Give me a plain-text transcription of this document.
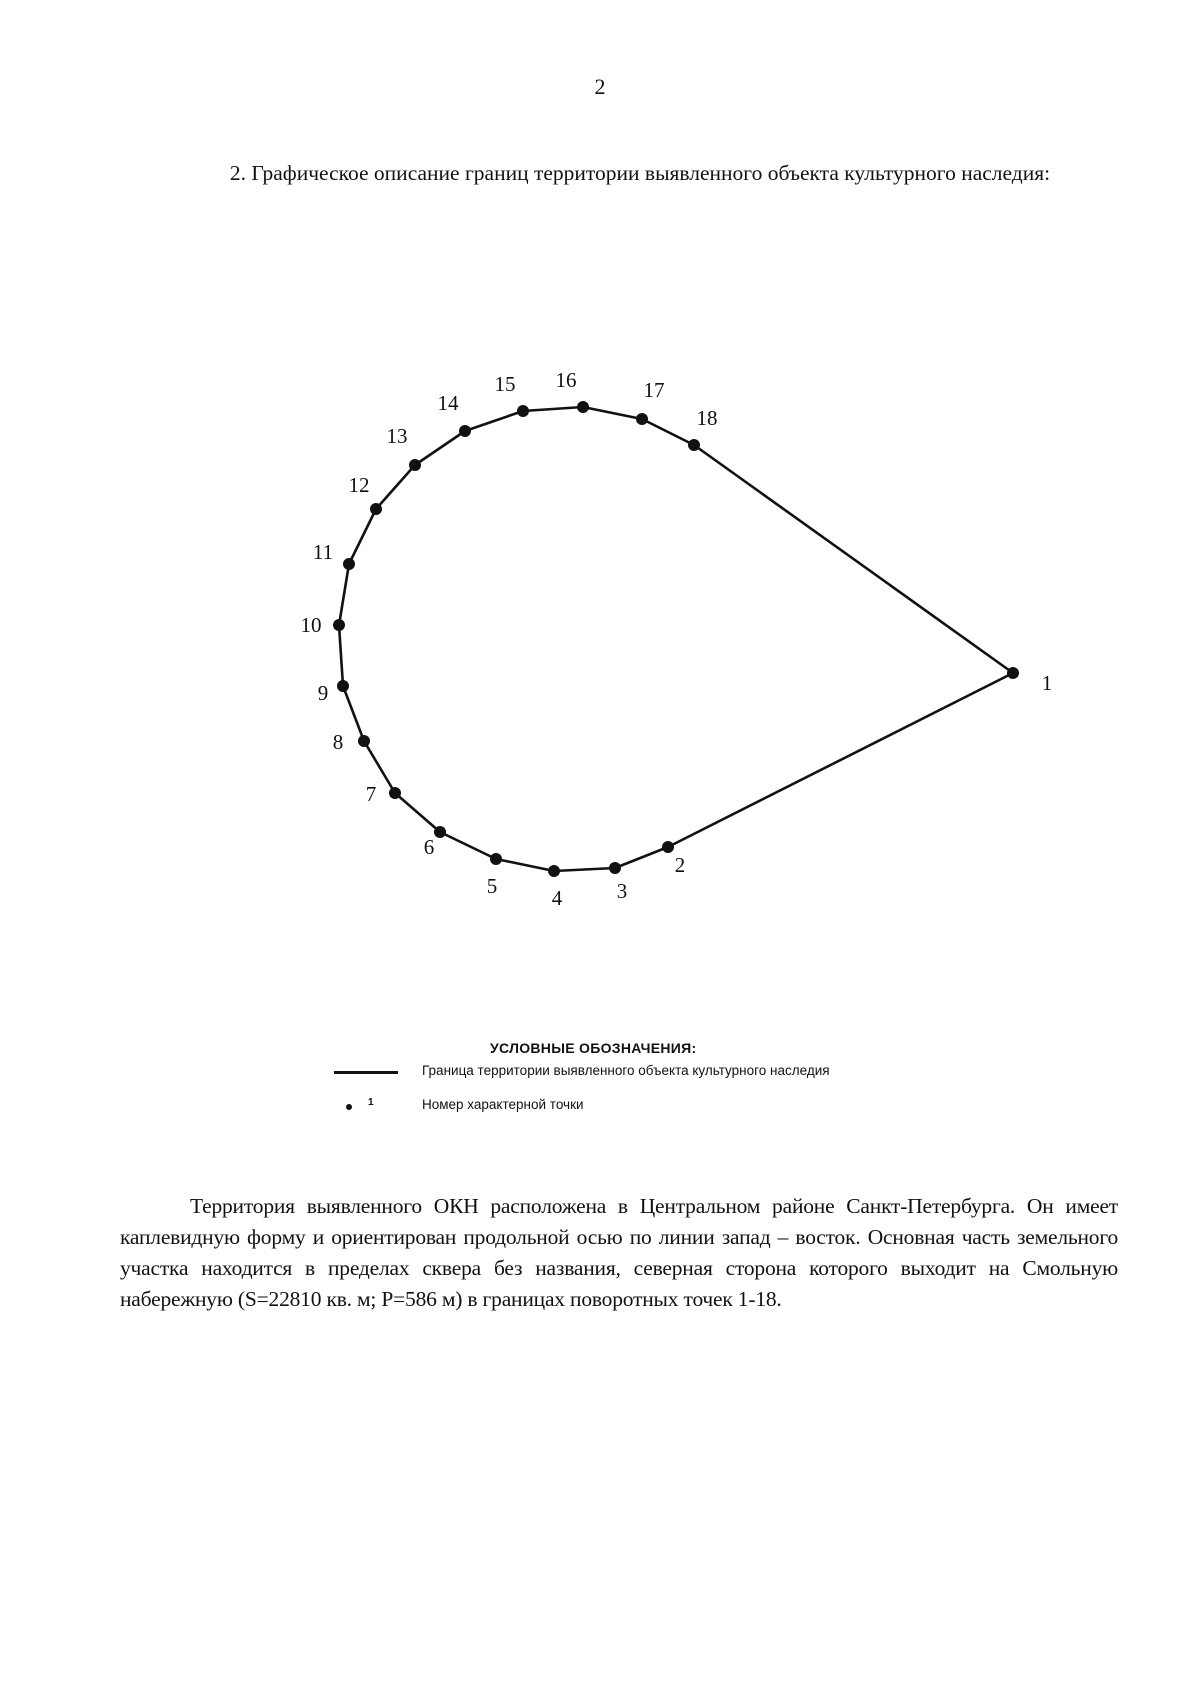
2
2. Графическое описание границ территории выявленного объекта культурного наследия:
1
2
3
4
5
6
7
8
9
10
11
12
13
14
15 16	17
18
УСЛОВНЫЕ ОБОЗНАЧЕНИЯ:
Граница территории выявленного объекта культурного наследия
1	Номер характерной точки
Территория выявленного ОКН расположена в Центральном районе Санкт-Петербурга. Он имеет каплевидную форму и ориентирован продольной осью по линии запад – восток. Основная часть земельного участка находится в пределах сквера без названия, северная сторона которого выходит на Смольную набережную (S=22810 кв. м; P=586 м) в границах поворотных точек 1-18.
